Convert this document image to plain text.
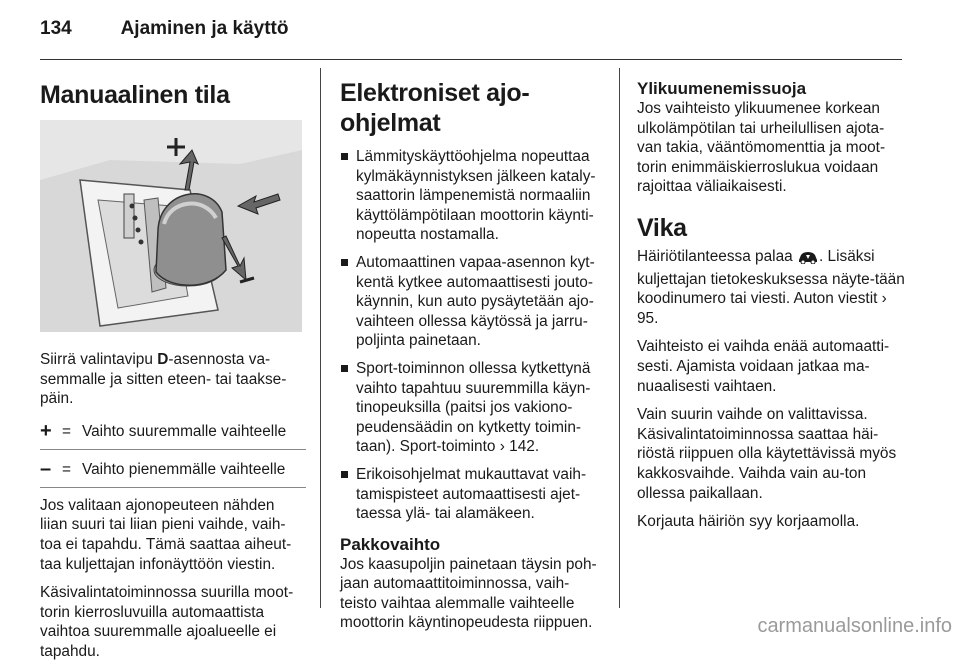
134	Ajaminen ja käyttö
Manuaalinen tila

Siirrä valintavipu D-asennosta va-semmalle ja sitten eteen- tai taakse-päin.

+ = Vaihto suuremmalle vaihteelle
– = Vaihto pienemmälle vaihteelle

Jos valitaan ajonopeuteen nähden liian suuri tai liian pieni vaihde, vaih-toa ei tapahdu. Tämä saattaa aiheut-taa kuljettajan infonäyttöön viestin.

Käsivalintatoiminnossa suurilla moot-torin kierrosluvuilla automaattista vaihtoa suuremmalle ajoalueelle ei tapahdu.

Elektroniset ajo-ohjelmat
Lämmityskäyttöohjelma nopeuttaa kylmäkäynnistyksen jälkeen kataly-saattorin lämpenemistä normaaliin käyttölämpötilaan moottorin käynti-nopeutta nostamalla.
Automaattinen vapaa-asennon kyt-kentä kytkee automaattisesti jouto-käynnin, kun auto pysäytetään ajo-vaihteen ollessa käytössä ja jarru-poljinta painetaan.
Sport-toiminnon ollessa kytkettynä vaihto tapahtuu suuremmilla käyn-tinopeuksilla (paitsi jos vakiono-peudensäädin on kytketty toimin-taan). Sport-toiminto › 142.
Erikoisohjelmat mukauttavat vaih-tamispisteet automaattisesti ajet-taessa ylä- tai alamäkeen.
Pakkovaihto

Jos kaasupoljin painetaan täysin poh-jaan automaattitoiminnossa, vaih-teisto vaihtaa alemmalle vaihteelle moottorin käyntinopeudesta riippuen.

Ylikuumenemissuoja

Jos vaihteisto ylikuumenee korkean ulkolämpötilan tai urheilullisen ajota-van takia, vääntömomenttia ja moot-torin enimmäiskierroslukua voidaan rajoittaa väliaikaisesti.

Vika

Häiriötilanteessa palaa . Lisäksi kuljettajan tietokeskuksessa näyte-tään koodinumero tai viesti. Auton viestit › 95.

Vaihteisto ei vaihda enää automaatti-sesti. Ajamista voidaan jatkaa ma-nuaalisesti vaihtaen.

Vain suurin vaihde on valittavissa. Käsivalintatoiminnossa saattaa häi-riöstä riippuen olla käytettävissä myös kakkosvaihde. Vaihda vain au-ton ollessa paikallaan.

Korjauta häiriön syy korjaamolla.

carmanualsonline.info
